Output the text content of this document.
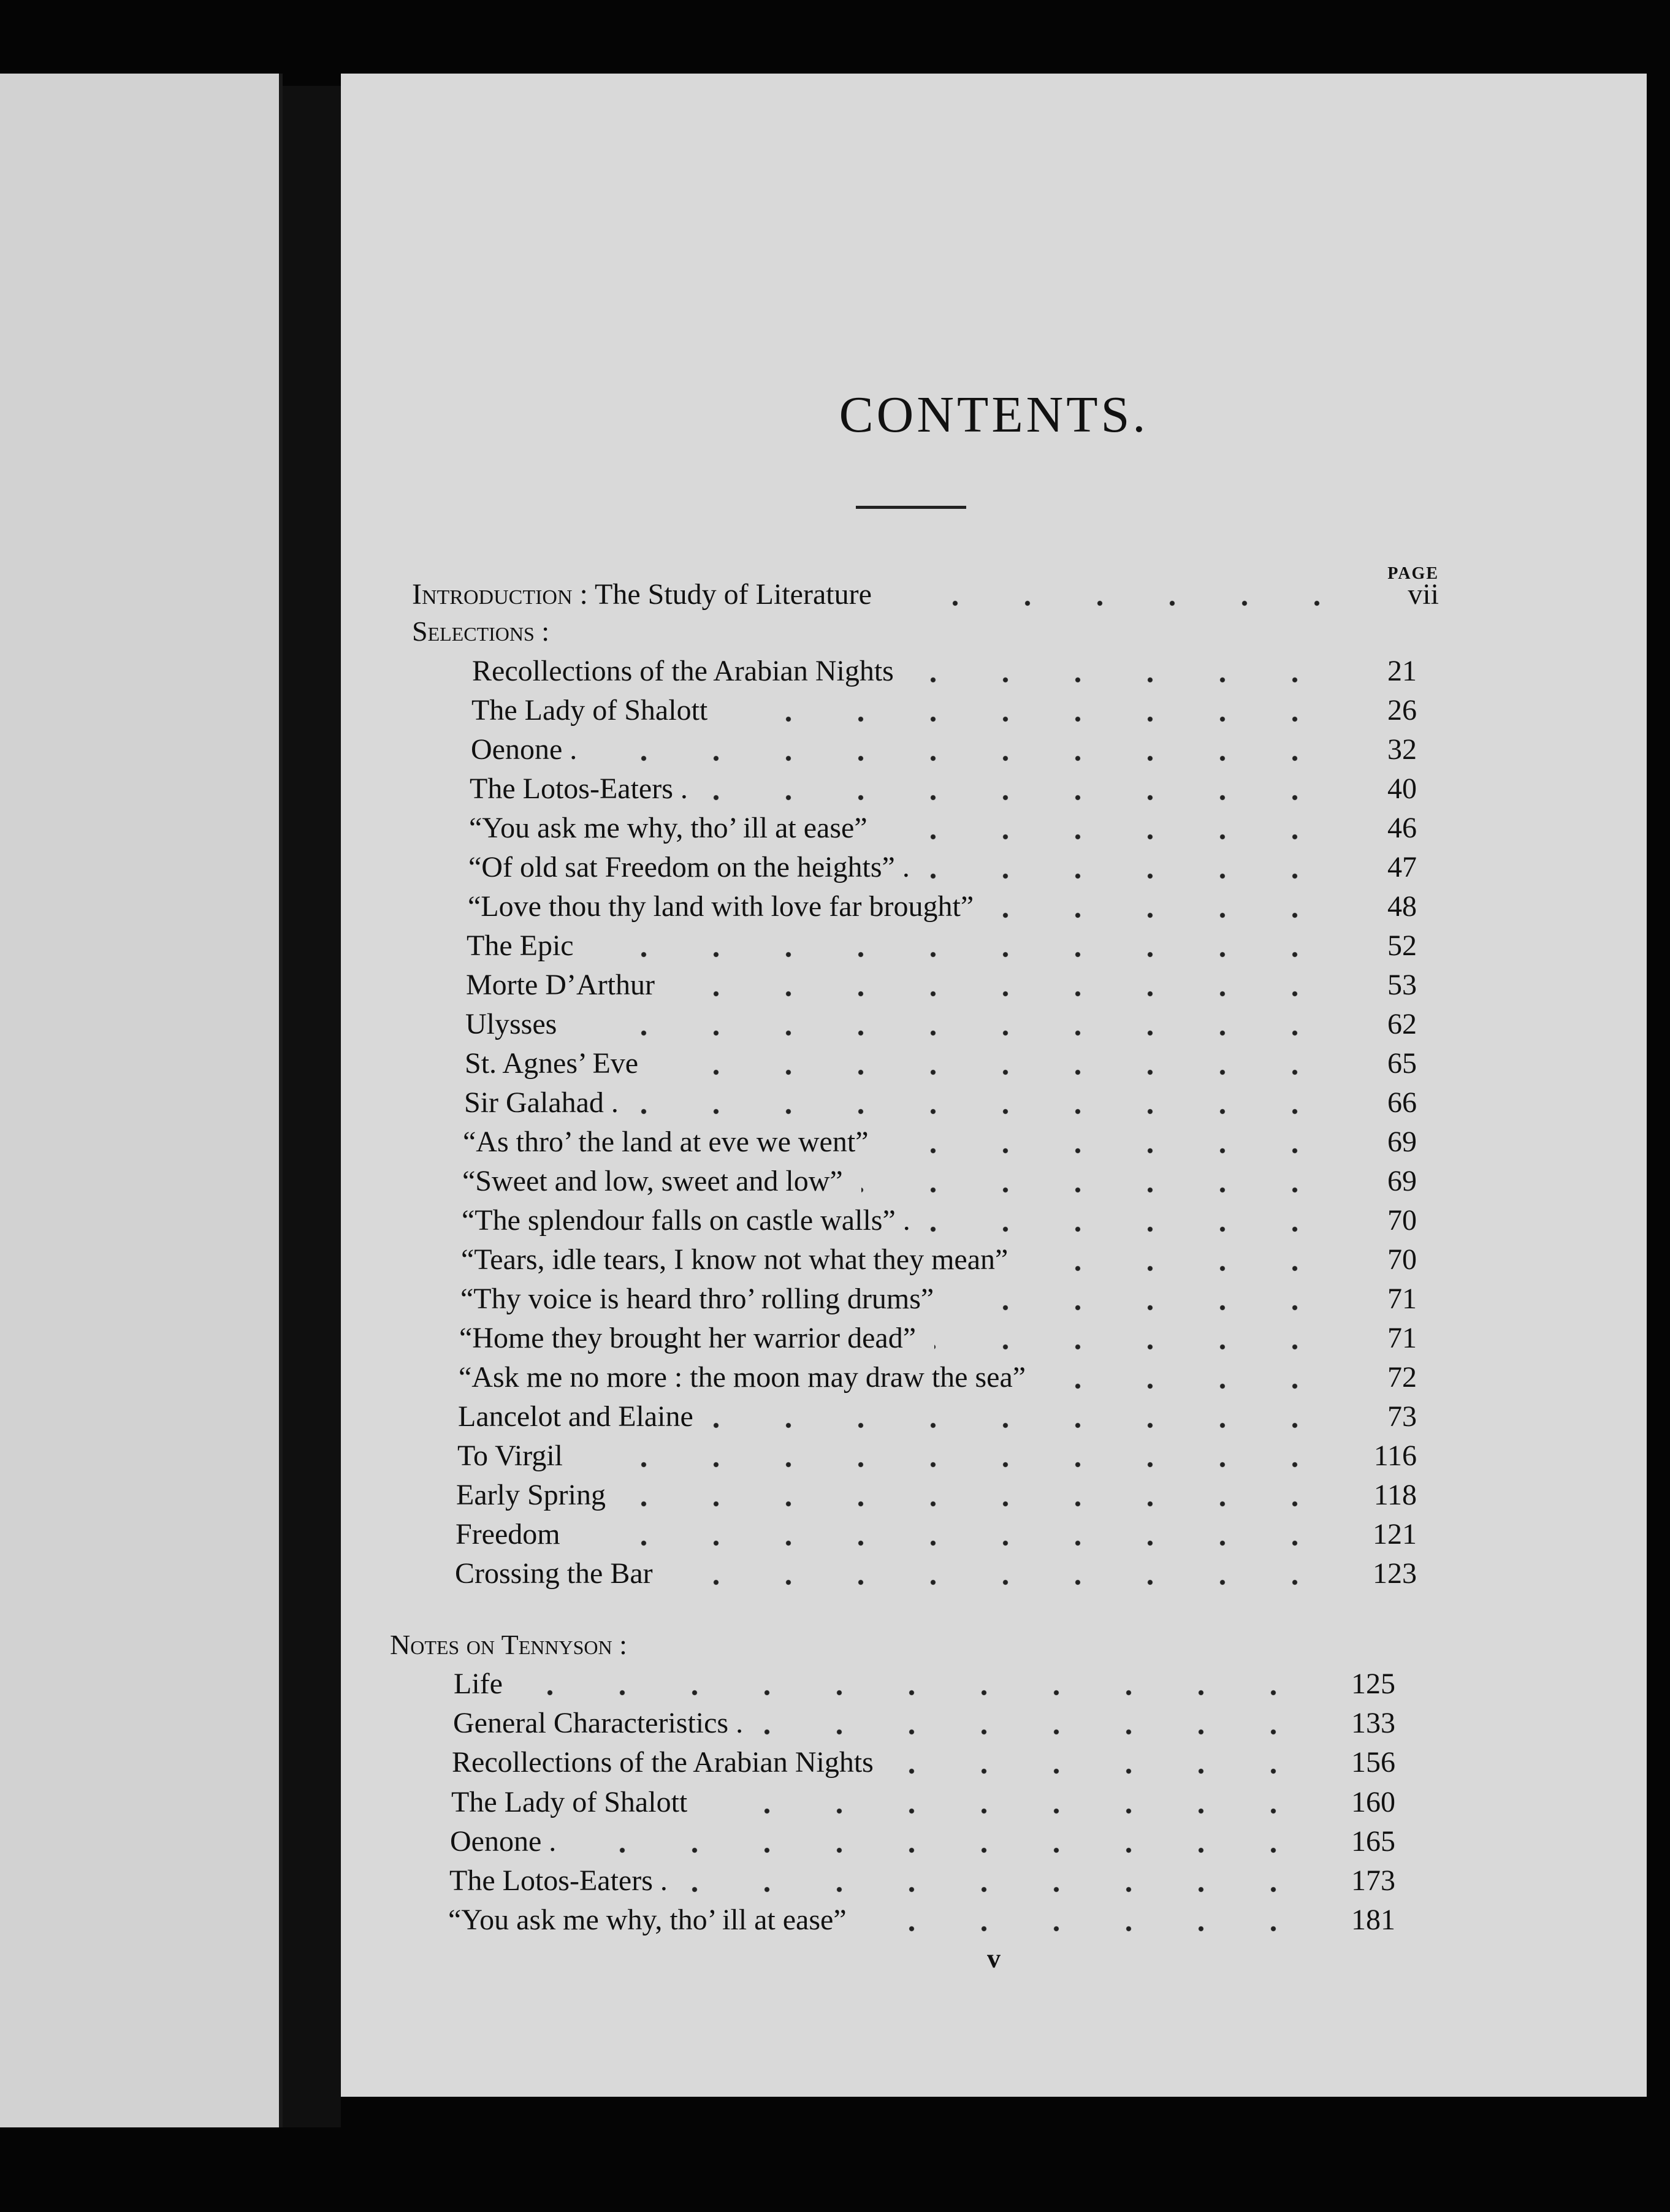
CONTENTS.
PAGE
Introduction : The Study of Literature	vii
Selections :
Recollections of the Arabian Nights	21
The Lady of Shalott	26
Oenone .	32
The Lotos-Eaters .	40
“You ask me why, tho’ ill at ease”	46
“Of old sat Freedom on the heights” .	47
“Love thou thy land with love far brought”	48
The Epic	52
Morte D’Arthur	53
Ulysses	62
St. Agnes’ Eve	65
Sir Galahad .	66
“As thro’ the land at eve we went”	69
“Sweet and low, sweet and low”	69
“The splendour falls on castle walls” .	70
“Tears, idle tears, I know not what they mean”	70
“Thy voice is heard thro’ rolling drums”	71
“Home they brought her warrior dead”	71
“Ask me no more : the moon may draw the sea”	72
Lancelot and Elaine	73
To Virgil	116
Early Spring	118
Freedom	121
Crossing the Bar	123
Notes on Tennyson :
Life	125
General Characteristics .	133
Recollections of the Arabian Nights	156
The Lady of Shalott	160
Oenone .	165
The Lotos-Eaters .	173
“You ask me why, tho’ ill at ease”	181
v
